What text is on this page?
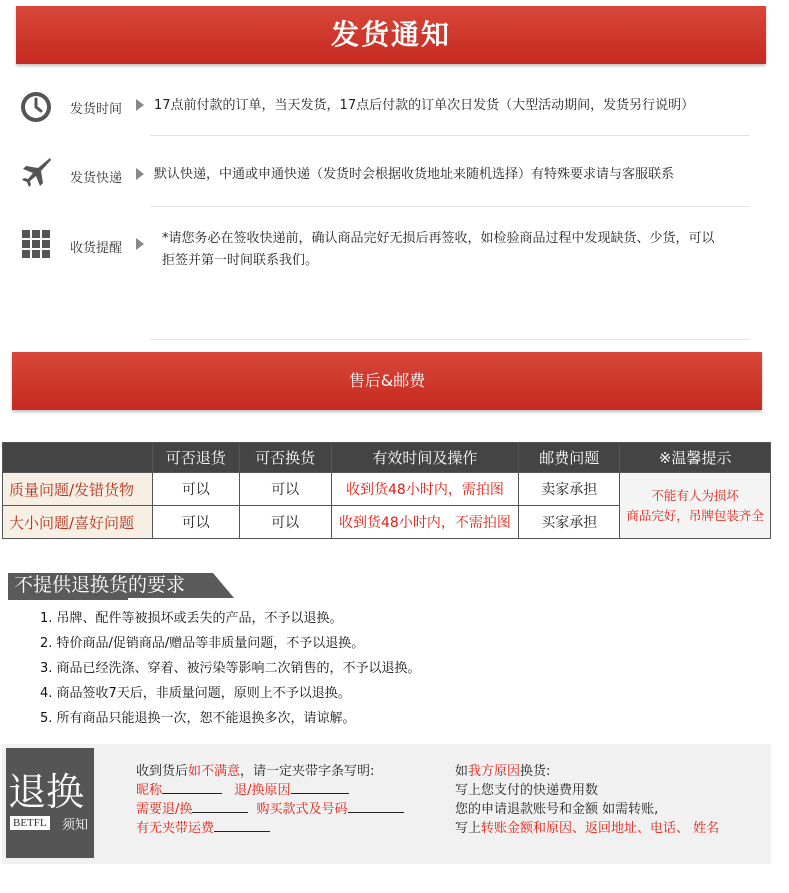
发货通知
发货时间 17点前付款的订单，当天发货，17点后付款的订单次日发货（大型活动期间，发货另行说明）
发货快递 默认快递，中通或申通快递（发货时会根据收货地址来随机选择）有特殊要求请与客服联系
收货提醒
*请您务必在签收快递前，确认商品完好无损后再签收，如检验商品过程中发现缺货、少货，可以
拒签并第一时间联系我们。
售后&邮费
	可否退货	可否换货	有效时间及操作	邮费问题	※温馨提示
质量问题/发错货物	可以	可以	收到货48小时内，需拍图	卖家承担	不能有人为损坏
商品完好，吊牌包装齐全

大小问题/喜好问题	可以	可以	收到货48小时内，不需拍图	买家承担	
不提供退换货的要求
1. 吊牌、配件等被损坏或丢失的产品，不予以退换。
2. 特价商品/促销商品/赠品等非质量问题，不予以退换。
3. 商品已经洗涤、穿着、被污染等影响二次销售的，不予以退换。
4. 商品签收7天后，非质量问题，原则上不予以退换。
5. 所有商品只能退换一次，恕不能退换多次，请谅解。
退换
BETFL 须知
收到货后如不满意，请一定夹带字条写明:
昵称	退/换原因
需要退/换	购买款式及号码
有无夹带运费
如我方原因换货:
写上您支付的快递费用数
您的申请退款账号和金额 如需转账,
写上转账金额和原因、返回地址、电话、 姓名
